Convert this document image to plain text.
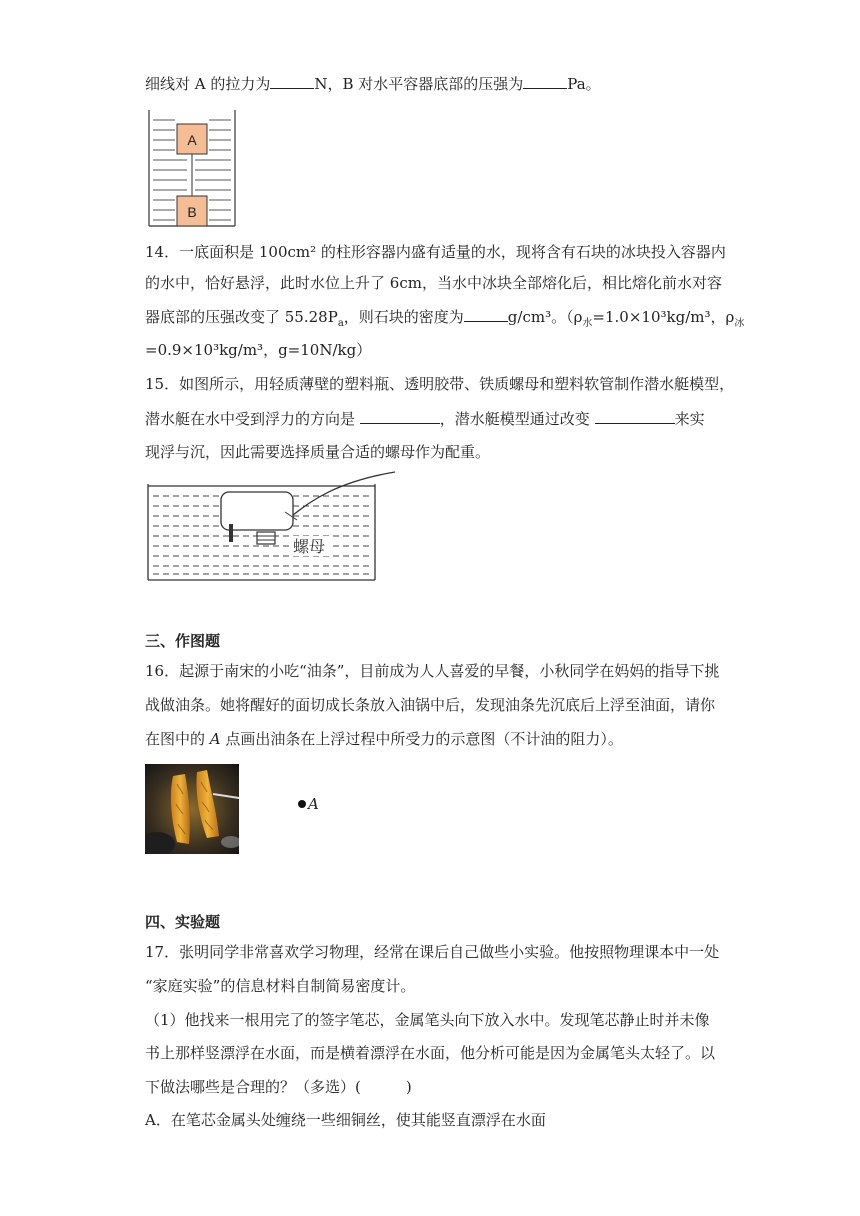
细线对 A 的拉力为	N，B 对水平容器底部的压强为	Pa。
A
B
14．一底面积是 100cm² 的柱形容器内盛有适量的水，现将含有石块的冰块投入容器内
的水中，恰好悬浮，此时水位上升了 6cm，当水中冰块全部熔化后，相比熔化前水对容
器底部的压强改变了 $55.28P_a$，则石块的密度为	g/cm³。（$\rho_水=1.0\times 10^3kg/m^3$，$\rho_冰$
=0.9×10³kg/m³，g=10N/kg）
15．如图所示，用轻质薄壁的塑料瓶、透明胶带、铁质螺母和塑料软管制作潜水艇模型，
潜水艇在水中受到浮力的方向是	，潜水艇模型通过改变	来实
现浮与沉，因此需要选择质量合适的螺母作为配重。
螺母
三、作图题
16．起源于南宋的小吃“油条”，目前成为人人喜爱的早餐，小秋同学在妈妈的指导下挑
战做油条。她将醒好的面切成长条放入油锅中后，发现油条先沉底后上浮至油面，请你
在图中的 A 点画出油条在上浮过程中所受力的示意图（不计油的阻力）。
A
四、实验题
17．张明同学非常喜欢学习物理，经常在课后自己做些小实验。他按照物理课本中一处
“家庭实验”的信息材料自制简易密度计。
（1）他找来一根用完了的签字笔芯，金属笔头向下放入水中。发现笔芯静止时并未像
书上那样竖漂浮在水面，而是横着漂浮在水面，他分析可能是因为金属笔头太轻了。以
下做法哪些是合理的？（多选）(　　　)
A．在笔芯金属头处缠绕一些细铜丝，使其能竖直漂浮在水面
